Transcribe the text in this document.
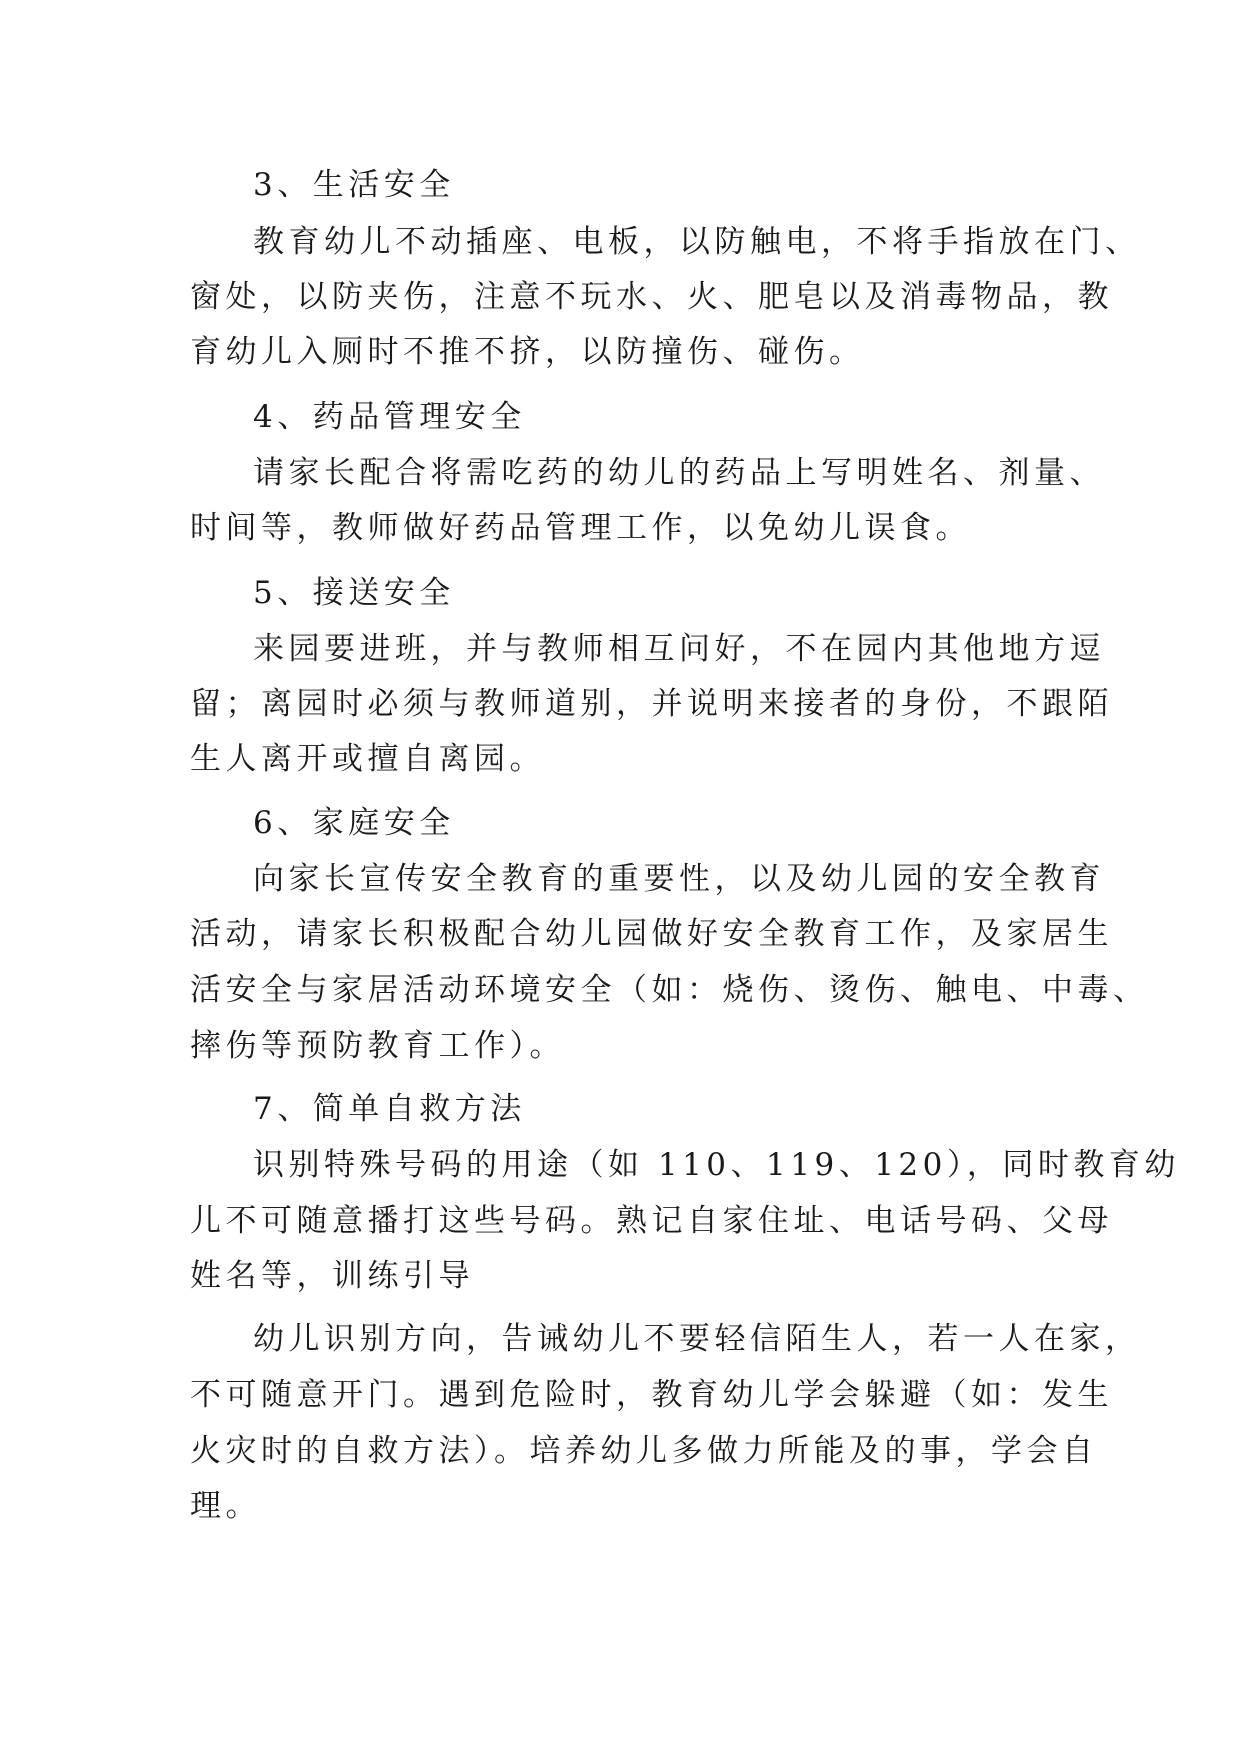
3、生活安全
教育幼儿不动插座、电板，以防触电，不将手指放在门、
窗处，以防夹伤，注意不玩水、火、肥皂以及消毒物品，教
育幼儿入厕时不推不挤，以防撞伤、碰伤。
4、药品管理安全
请家长配合将需吃药的幼儿的药品上写明姓名、剂量、
时间等，教师做好药品管理工作，以免幼儿误食。
5、接送安全
来园要进班，并与教师相互问好，不在园内其他地方逗
留；离园时必须与教师道别，并说明来接者的身份，不跟陌
生人离开或擅自离园。
6、家庭安全
向家长宣传安全教育的重要性，以及幼儿园的安全教育
活动，请家长积极配合幼儿园做好安全教育工作，及家居生
活安全与家居活动环境安全（如：烧伤、烫伤、触电、中毒、
摔伤等预防教育工作）。
7、简单自救方法
识别特殊号码的用途（如 110、119、120），同时教育幼
儿不可随意播打这些号码。熟记自家住址、电话号码、父母
姓名等，训练引导
幼儿识别方向，告诫幼儿不要轻信陌生人，若一人在家，
不可随意开门。遇到危险时，教育幼儿学会躲避（如：发生
火灾时的自救方法）。培养幼儿多做力所能及的事，学会自
理。
